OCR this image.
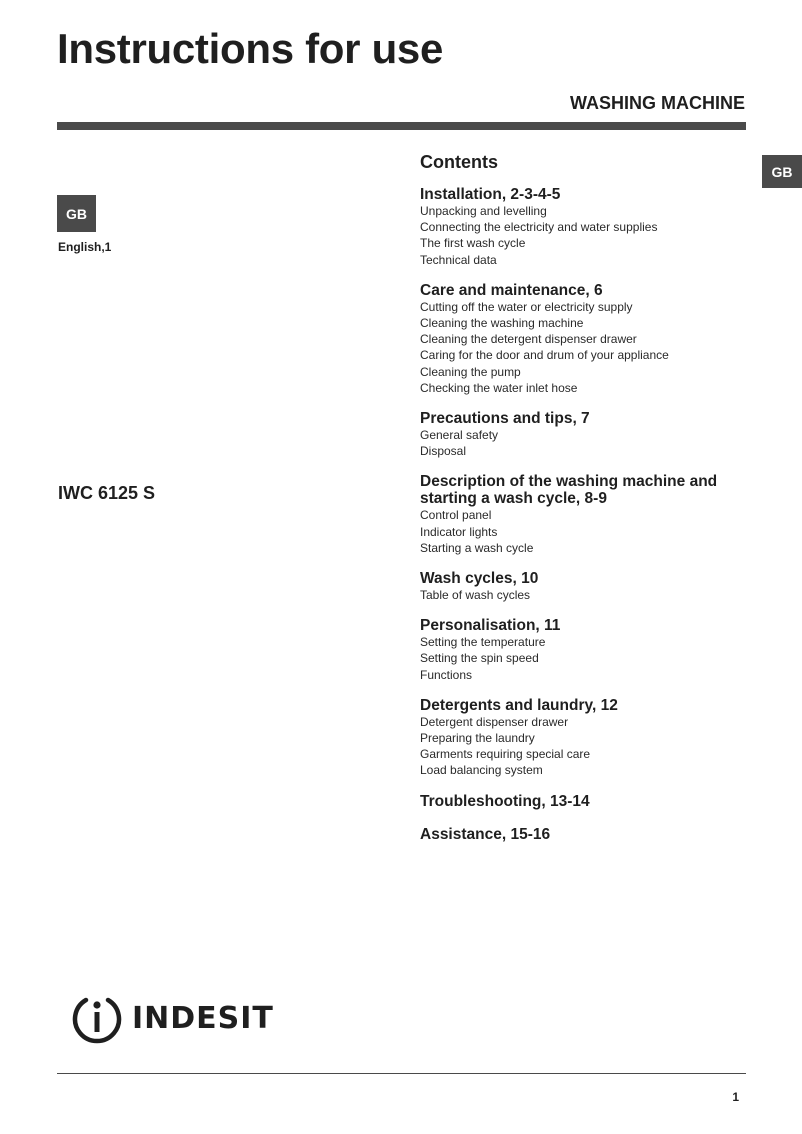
Instructions for use
WASHING MACHINE
GB
GB
English,1
IWC 6125 S
Contents
Installation, 2-3-4-5
Unpacking and levelling
Connecting the electricity and water supplies
The first wash cycle
Technical data
Care and maintenance, 6
Cutting off the water or electricity supply
Cleaning the washing machine
Cleaning the detergent dispenser drawer
Caring for the door and drum of your appliance
Cleaning the pump
Checking the water inlet hose
Precautions and tips, 7
General safety
Disposal
Description of the washing machine and starting a wash cycle, 8-9
Control panel
Indicator lights
Starting a wash cycle
Wash cycles, 10
Table of wash cycles
Personalisation, 11
Setting the temperature
Setting the spin speed
Functions
Detergents and laundry, 12
Detergent dispenser drawer
Preparing the laundry
Garments requiring special care
Load balancing system
Troubleshooting, 13-14
Assistance, 15-16
INDESIT
1
